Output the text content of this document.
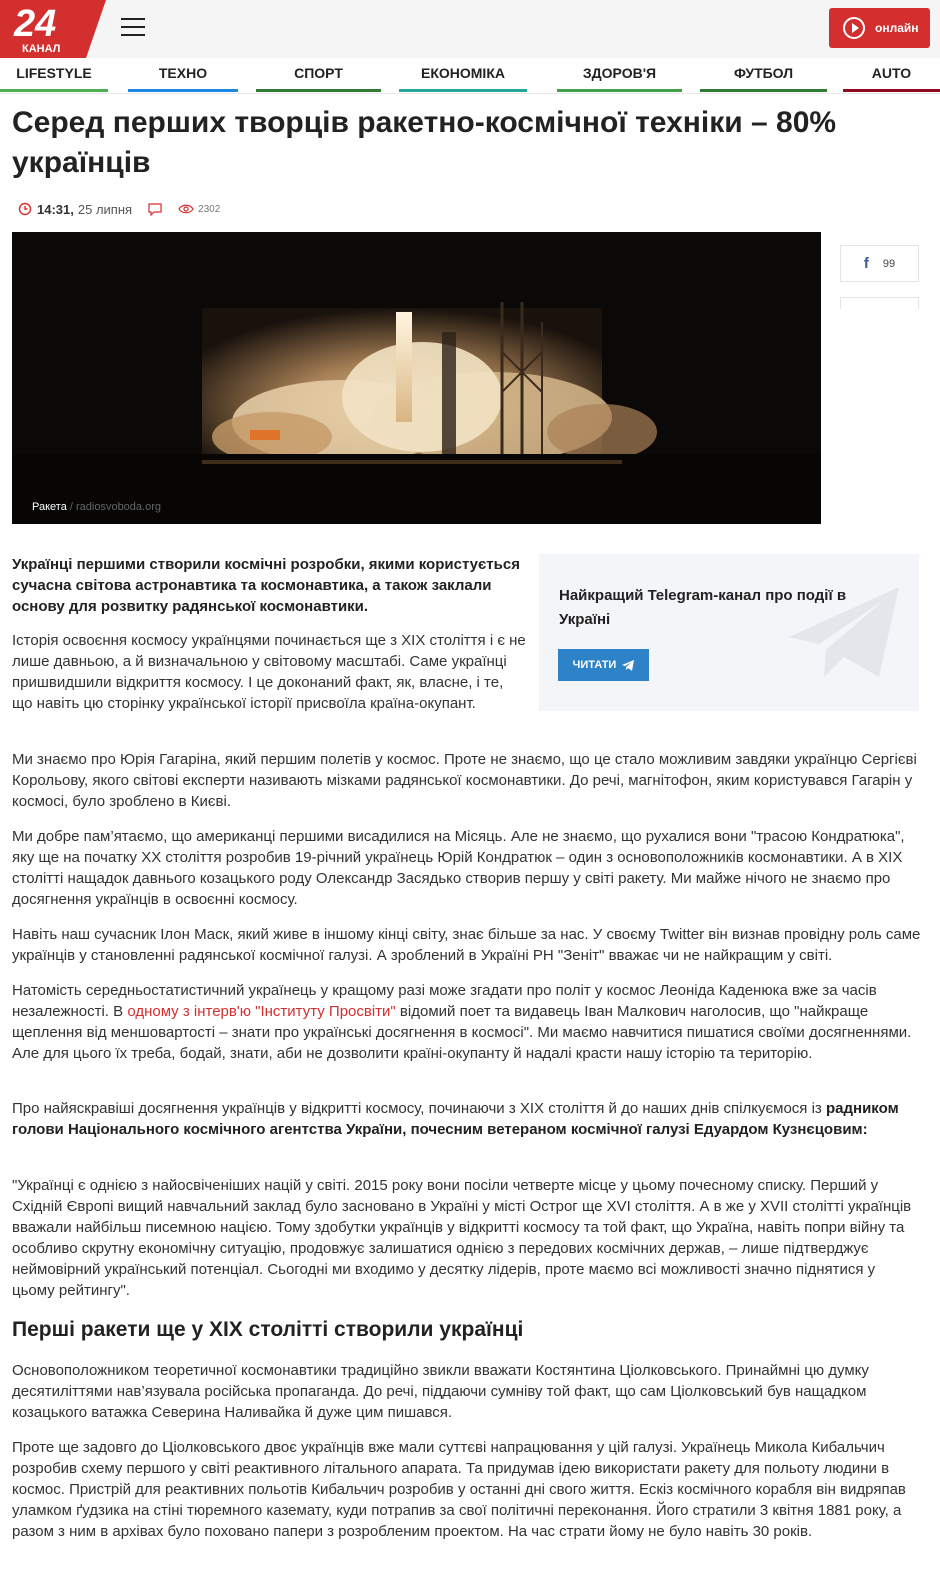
24
КАНАЛ
онлайн
LIFESTYLE	ТЕХНО	СПОРТ	ЕКОНОМІКА	ЗДОРОВ'Я	ФУТБОЛ	AUTO
Серед перших творців ракетно-космічної техніки – 80% українців
14:31, 25 липня	2302
Ракета / radiosvoboda.org
f 99
Найкращий Telegram-канал про події в Україні
ЧИТАТИ

Українці першими створили космічні розробки, якими користується сучасна світова астронавтика та космонавтика, а також заклали основу для розвитку радянської космонавтики.

Історія освоєння космосу українцями починається ще з XIX століття і є не лише давньою, а й визначальною у світовому масштабі. Саме українці пришвидшили відкриття космосу. І це доконаний факт, як, власне, і те, що навіть цю сторінку української історії присвоїла країна-окупант.

Ми знаємо про Юрія Гагаріна, який першим полетів у космос. Проте не знаємо, що це стало можливим завдяки українцю Сергієві Корольову, якого світові експерти називають мізками радянської космонавтики. До речі, магнітофон, яким користувався Гагарін у космосі, було зроблено в Києві.

Ми добре пам’ятаємо, що американці першими висадилися на Місяць. Але не знаємо, що рухалися вони "трасою Кондратюка", яку ще на початку ХХ століття розробив 19-річний українець Юрій Кондратюк – один з основоположників космонавтики. А в XIX столітті нащадок давнього козацького роду Олександр Засядько створив першу у світі ракету. Ми майже нічого не знаємо про досягнення українців в освоєнні космосу.

Навіть наш сучасник Ілон Маск, який живе в іншому кінці світу, знає більше за нас. У своєму Twitter він визнав провідну роль саме українців у становленні радянської космічної галузі. А зроблений в Україні РН "Зеніт" вважає чи не найкращим у світі.

Натомість середньостатистичний українець у кращому разі може згадати про політ у космос Леоніда Каденюка вже за часів незалежності. В одному з інтерв'ю "Інституту Просвіти" відомий поет та видавець Іван Малкович наголосив, що "найкраще щеплення від меншовартості – знати про українські досягнення в космосі". Ми маємо навчитися пишатися своїми досягненнями. Але для цього їх треба, бодай, знати, аби не дозволити країні-окупанту й надалі красти нашу історію та територію.

Про найяскравіші досягнення українців у відкритті космосу, починаючи з XIX століття й до наших днів спілкуємося із радником голови Національного космічного агентства України, почесним ветераном космічної галузі Едуардом Кузнєцовим:

"Українці є однією з найосвіченіших націй у світі. 2015 року вони посіли четверте місце у цьому почесному списку. Перший у Східній Європі вищий навчальний заклад було засновано в Україні у місті Острог ще XVI століття. А в же у XVII столітті українців вважали найбільш писемною нацією. Тому здобутки українців у відкритті космосу та той факт, що Україна, навіть попри війну та особливо скрутну економічну ситуацію, продовжує залишатися однією з передових космічних держав, – лише підтверджує неймовірний український потенціал. Сьогодні ми входимо у десятку лідерів, проте маємо всі можливості значно піднятися у цьому рейтингу".

Перші ракети ще у XIX столітті створили українці

Основоположником теоретичної космонавтики традиційно звикли вважати Костянтина Ціолковського. Принаймні цю думку десятиліттями нав’язувала російська пропаганда. До речі, піддаючи сумніву той факт, що сам Ціолковський був нащадком козацького ватажка Северина Наливайка й дуже цим пишався.

Проте ще задовго до Ціолковського двоє українців вже мали суттєві напрацювання у цій галузі. Українець Микола Кибальчич розробив схему першого у світі реактивного літального апарата. Та придумав ідею використати ракету для польоту людини в космос. Пристрій для реактивних польотів Кибальчич розробив у останні дні свого життя. Ескіз космічного корабля він видряпав уламком ґудзика на стіні тюремного каземату, куди потрапив за свої політичні переконання. Його стратили 3 квітня 1881 року, а разом з ним в архівах було поховано папери з розробленим проектом. На час страти йому не було навіть 30 років.
